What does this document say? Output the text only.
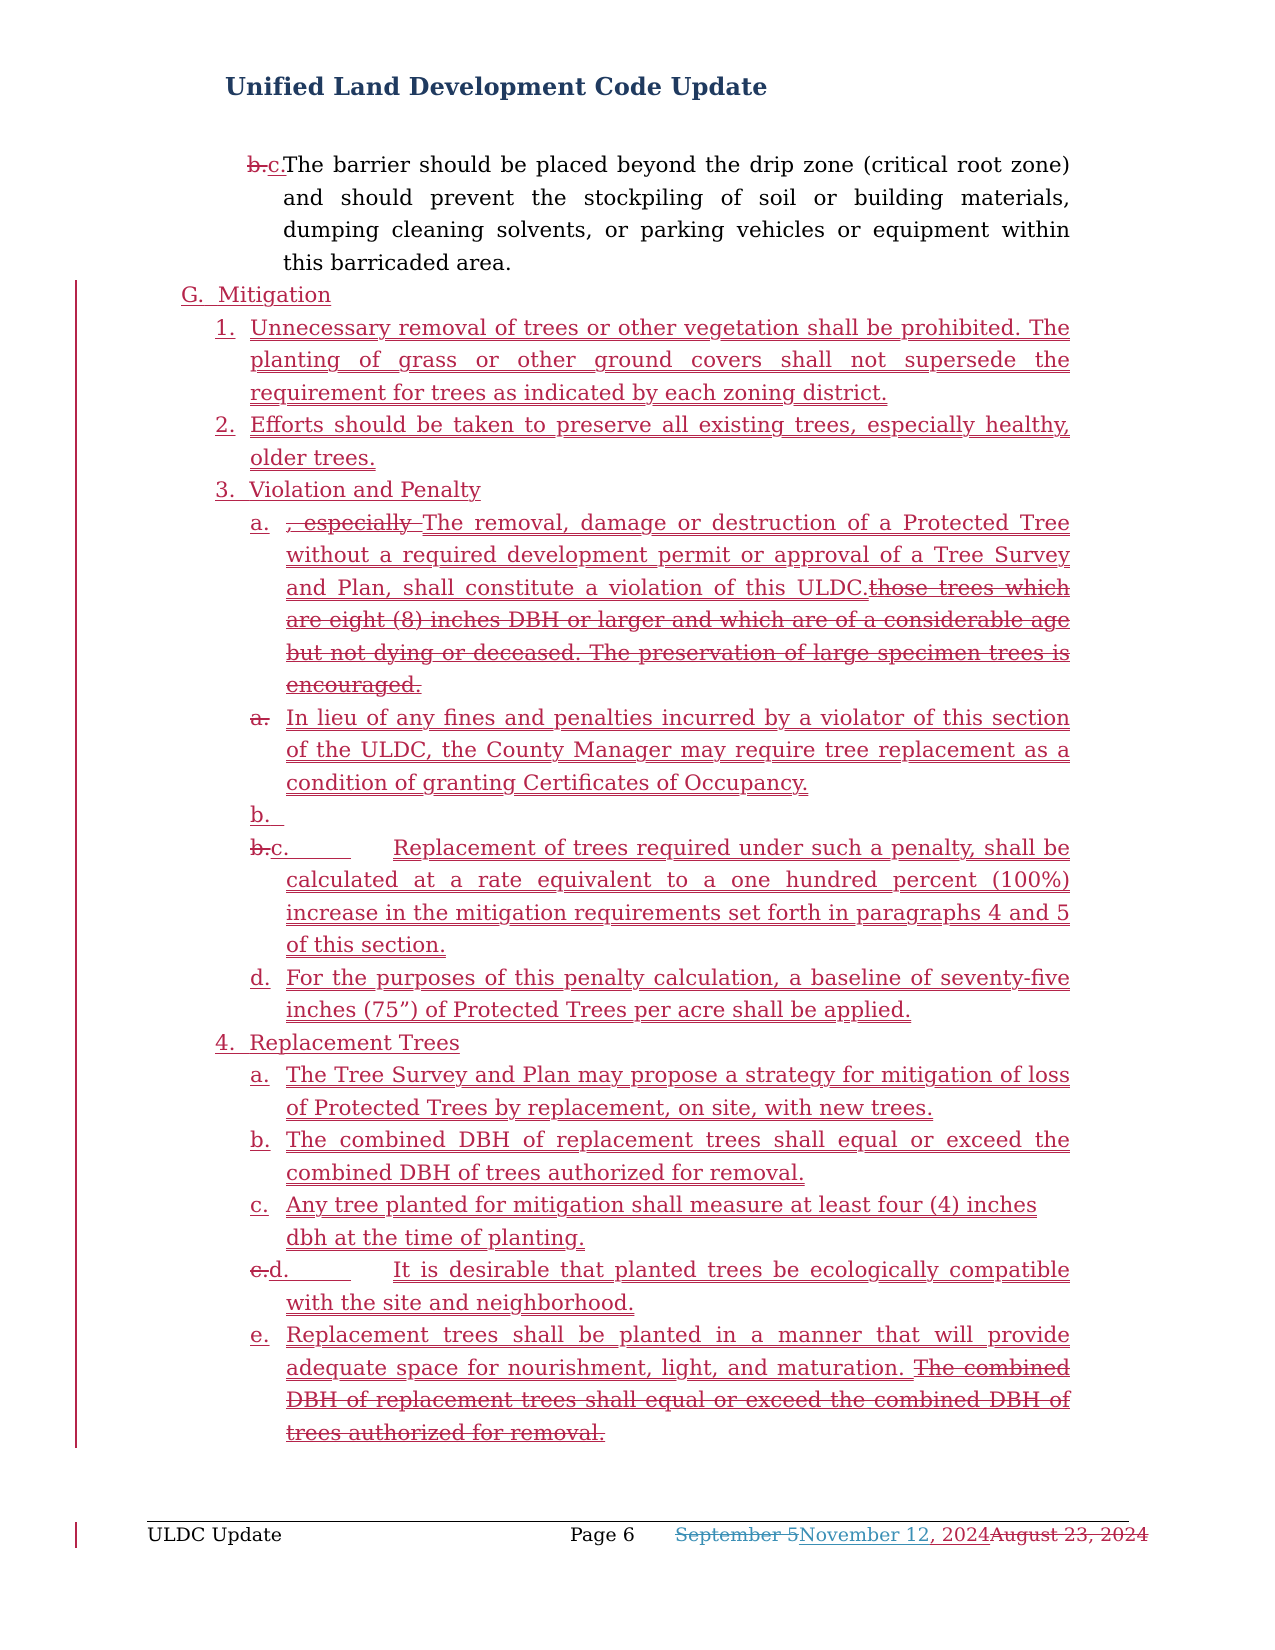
Unified Land Development Code Update
b.c.
The barrier should be placed beyond the drip zone (critical root zone) and should prevent the stockpiling of soil or building materials, dumping cleaning solvents, or parking vehicles or equipment within this barricaded area.
G. Mitigation
1. Unnecessary removal of trees or other vegetation shall be prohibited. The planting of grass or other ground covers shall not supersede the requirement for trees as indicated by each zoning district.
2. Efforts should be taken to preserve all existing trees, especially healthy, older trees.
3. Violation and Penalty
a. , especially The removal, damage or destruction of a Protected Tree without a required development permit or approval of a Tree Survey and Plan, shall constitute a violation of this ULDC.those trees which are eight (8) inches DBH or larger and which are of a considerable age but not dying or deceased. The preservation of large specimen trees is encouraged.
a. In lieu of any fines and penalties incurred by a violator of this section of the ULDC, the County Manager may require tree replacement as a condition of granting Certificates of Occupancy.
b.
b.c.	Replacement of trees required under such a penalty, shall be calculated at a rate equivalent to a one hundred percent (100%) increase in the mitigation requirements set forth in paragraphs 4 and 5 of this section.
d. For the purposes of this penalty calculation, a baseline of seventy-five inches (75”) of Protected Trees per acre shall be applied.
4. Replacement Trees
a. The Tree Survey and Plan may propose a strategy for mitigation of loss of Protected Trees by replacement, on site, with new trees.
b. The combined DBH of replacement trees shall equal or exceed the combined DBH of trees authorized for removal.
c. Any tree planted for mitigation shall measure at least four (4) inches dbh at the time of planting.
c.d.	It is desirable that planted trees be ecologically compatible with the site and neighborhood.
e. Replacement trees shall be planted in a manner that will provide adequate space for nourishment, light, and maturation. The combined DBH of replacement trees shall equal or exceed the combined DBH of trees authorized for removal.
ULDC Update	Page 6 September 5November 12, 2024August 23, 2024
